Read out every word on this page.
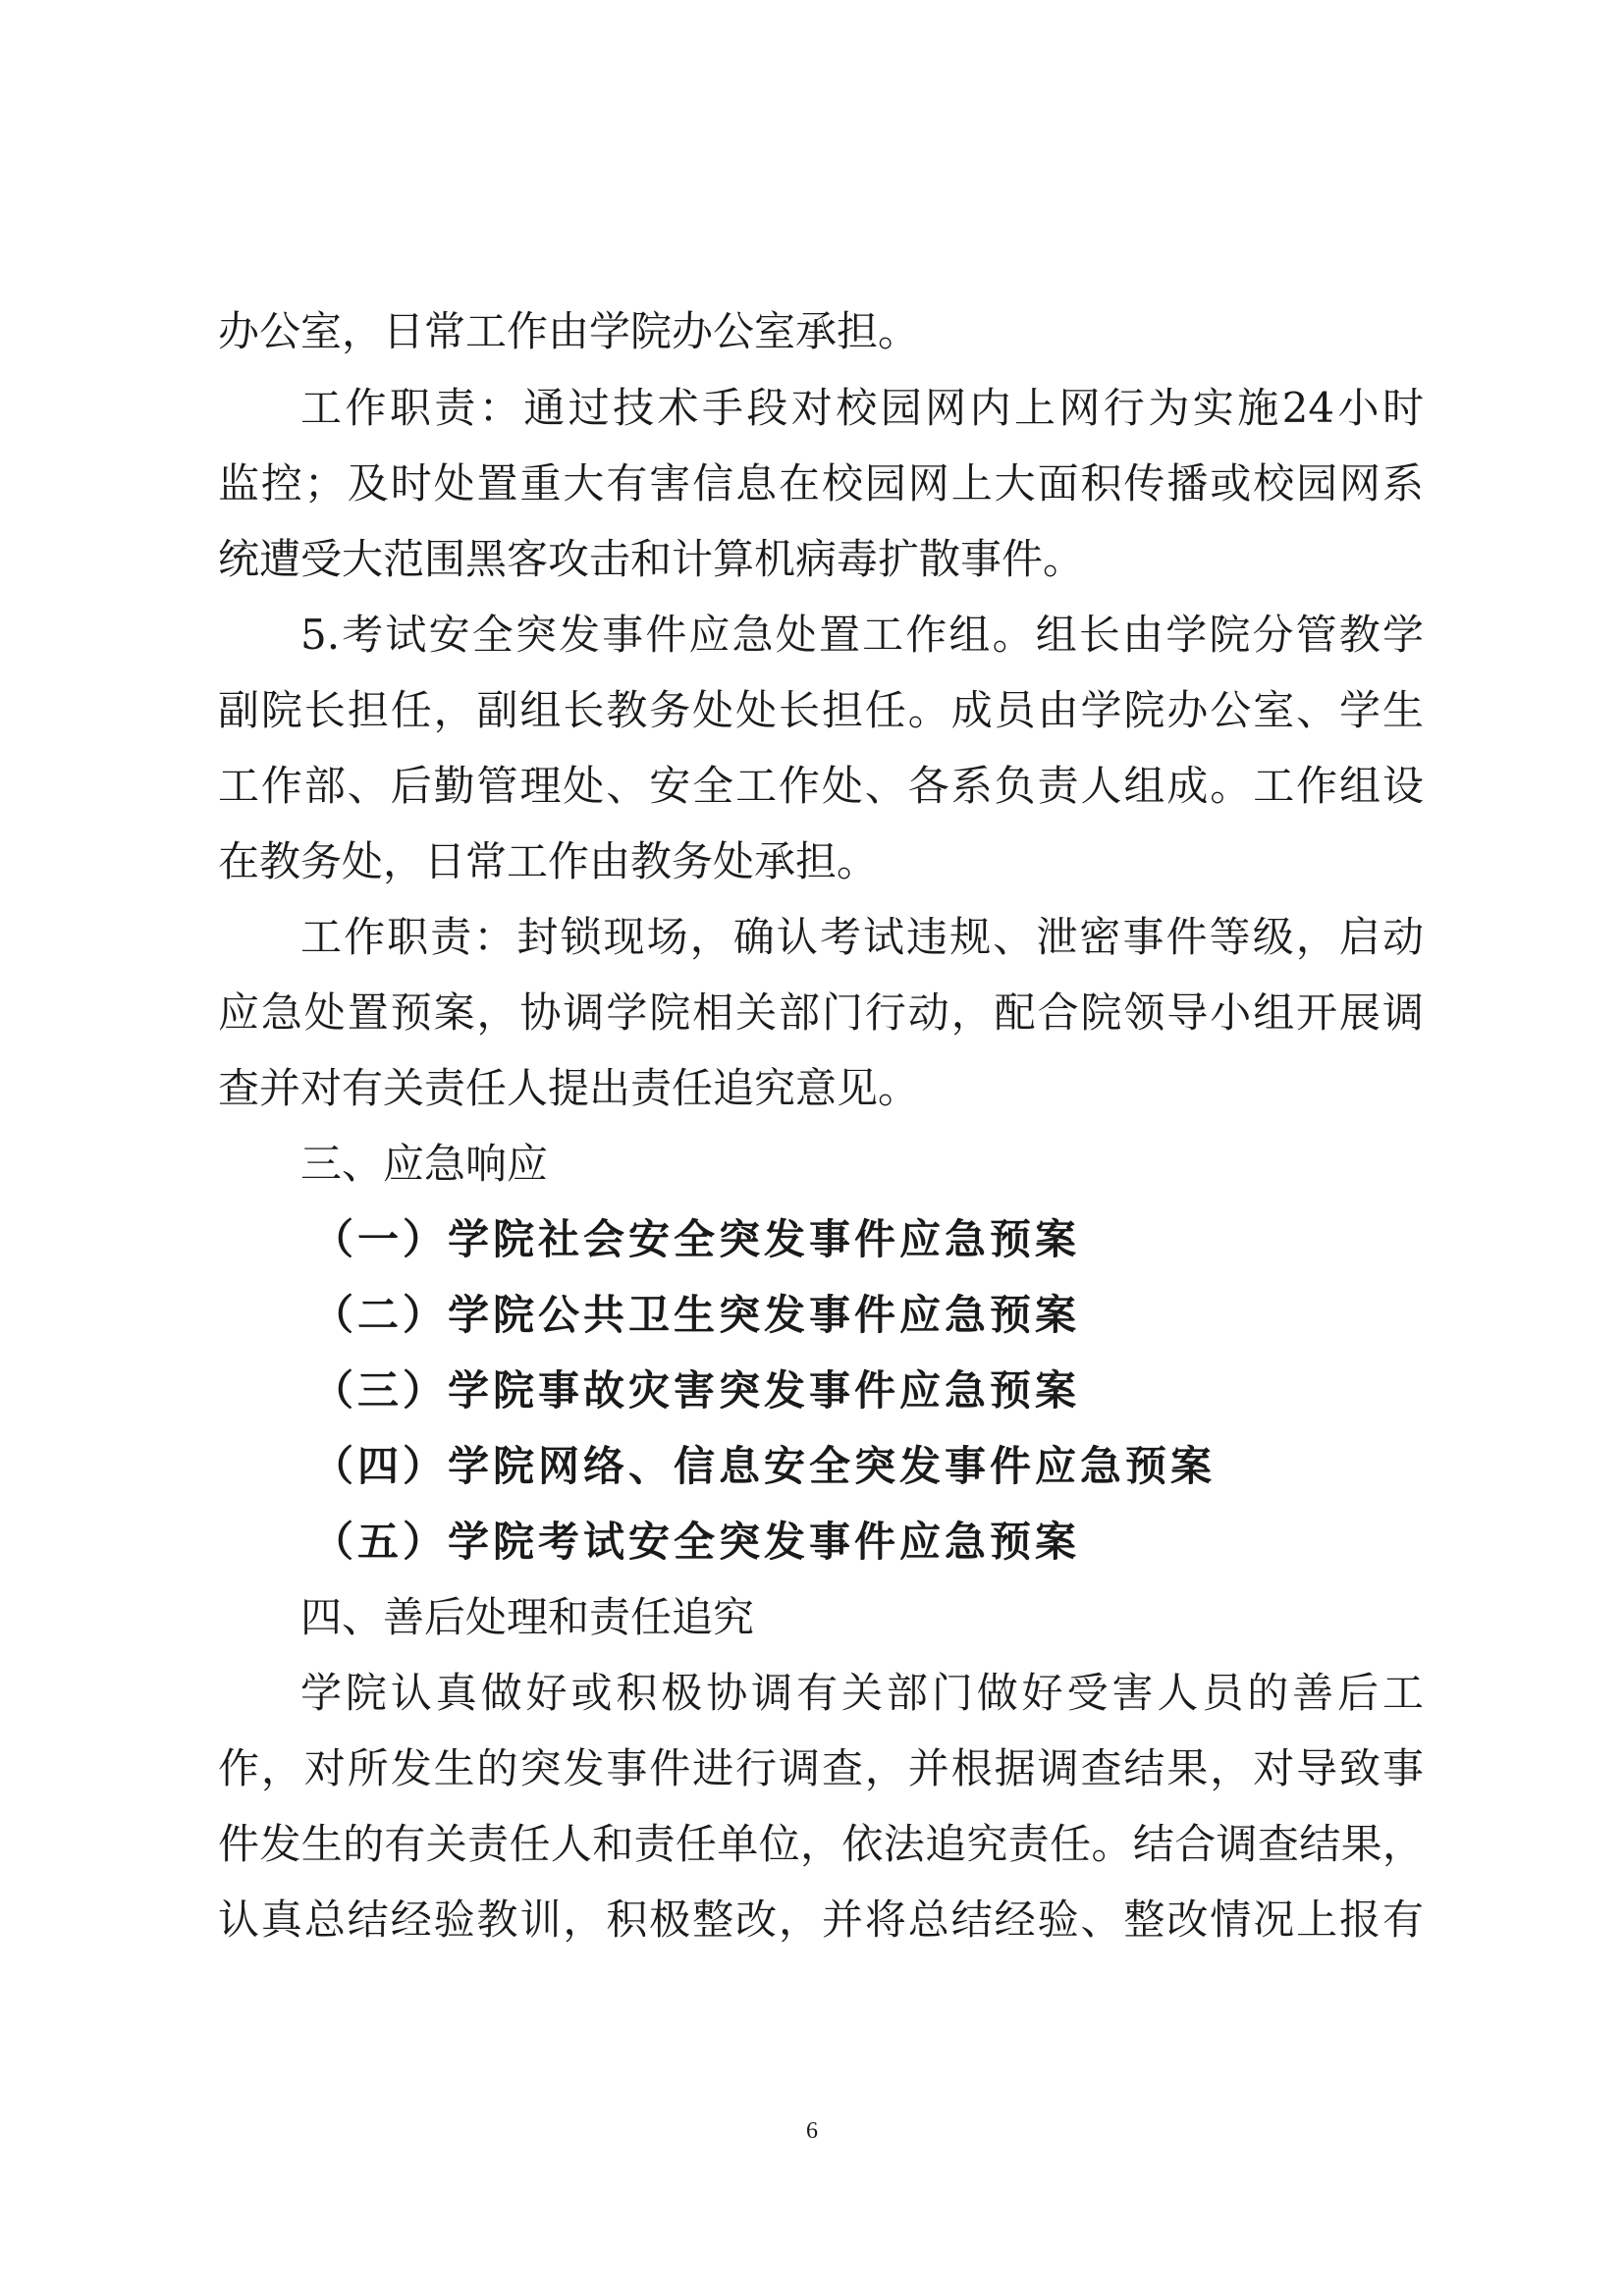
办公室，日常工作由学院办公室承担。
工作职责：通过技术手段对校园网内上网行为实施24小时
监控；及时处置重大有害信息在校园网上大面积传播或校园网系
统遭受大范围黑客攻击和计算机病毒扩散事件。
5.考试安全突发事件应急处置工作组。组长由学院分管教学
副院长担任，副组长教务处处长担任。成员由学院办公室、学生
工作部、后勤管理处、安全工作处、各系负责人组成。工作组设
在教务处，日常工作由教务处承担。
工作职责：封锁现场，确认考试违规、泄密事件等级，启动
应急处置预案，协调学院相关部门行动，配合院领导小组开展调
查并对有关责任人提出责任追究意见。
三、应急响应
（一）学院社会安全突发事件应急预案
（二）学院公共卫生突发事件应急预案
（三）学院事故灾害突发事件应急预案
（四）学院网络、信息安全突发事件应急预案
（五）学院考试安全突发事件应急预案
四、善后处理和责任追究
学院认真做好或积极协调有关部门做好受害人员的善后工
作，对所发生的突发事件进行调查，并根据调查结果，对导致事
件发生的有关责任人和责任单位，依法追究责任。结合调查结果，
认真总结经验教训，积极整改，并将总结经验、整改情况上报有
6
